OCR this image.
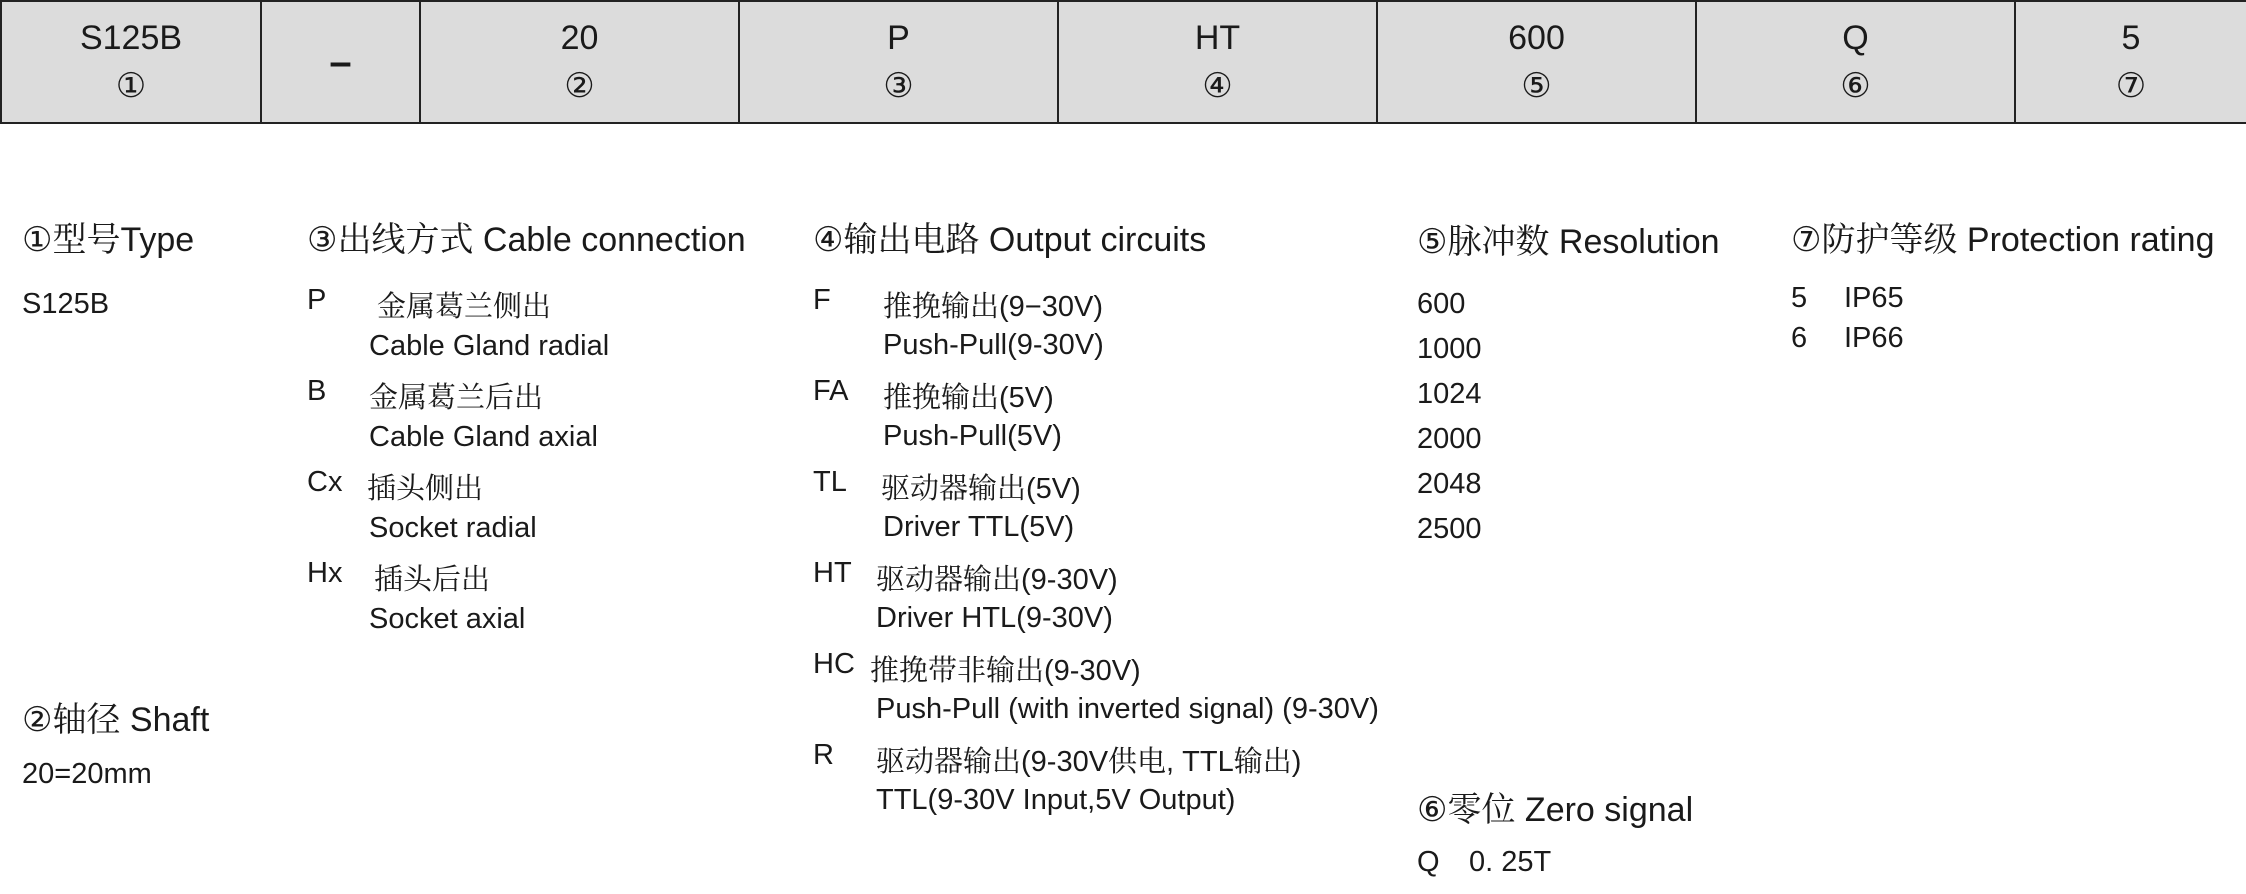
S125B
①
–
20
②
P
③
HT
④
600
⑤
Q
⑥
5
⑦
①型号Type
S125B
②轴径 Shaft
20=20mm
③出线方式 Cable connection
P 金属葛兰侧出
Cable Gland radial
B 金属葛兰后出
Cable Gland axial
Cx 插头侧出
Socket radial
Hx 插头后出
Socket axial
④输出电路 Output circuits
F 推挽输出(9−30V)
Push-Pull(9-30V)
FA 推挽输出(5V)
Push-Pull(5V)
TL 驱动器输出(5V)
Driver TTL(5V)
HT 驱动器输出(9-30V)
Driver HTL(9-30V)
HC 推挽带非输出(9-30V)
Push-Pull (with inverted signal) (9-30V)
R 驱动器输出(9-30V供电, TTL输出)
TTL(9-30V Input,5V Output)
⑤脉冲数 Resolution
600
1000
1024
2000
2048
2500
⑥零位 Zero signal
Q 0. 25T
⑦防护等级 Protection rating
5 IP65
6 IP66
